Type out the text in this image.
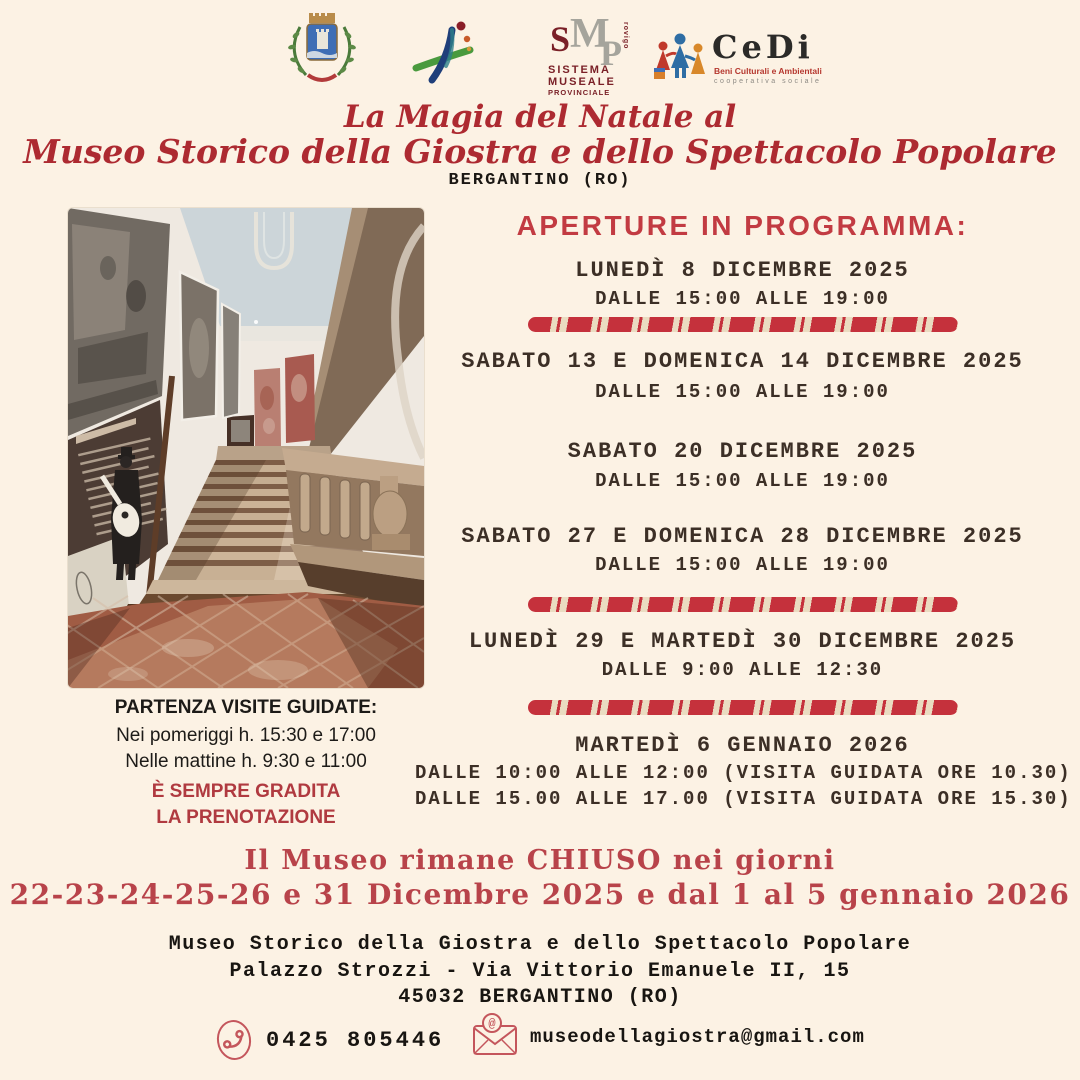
M
S P rovigo
SISTEMA
MUSEALE
PROVINCIALE
CeDi
Beni Culturali e Ambientali
cooperativa sociale
La Magia del Natale al
Museo Storico della Giostra e dello Spettacolo Popolare
BERGANTINO (RO)
PARTENZA VISITE GUIDATE:
Nei pomeriggi h. 15:30 e 17:00
Nelle mattine h. 9:30 e 11:00
È SEMPRE GRADITA
LA PRENOTAZIONE
APERTURE IN PROGRAMMA:
LUNEDÌ 8 DICEMBRE 2025
DALLE 15:00 ALLE 19:00
SABATO 13 E DOMENICA 14 DICEMBRE 2025
DALLE 15:00 ALLE 19:00
SABATO 20 DICEMBRE 2025
DALLE 15:00 ALLE 19:00
SABATO 27 E DOMENICA 28 DICEMBRE 2025
DALLE 15:00 ALLE 19:00
LUNEDÌ 29 E MARTEDÌ 30 DICEMBRE 2025
DALLE 9:00 ALLE 12:30
MARTEDÌ 6 GENNAIO 2026
DALLE 10:00 ALLE 12:00 (VISITA GUIDATA ORE 10.30)
DALLE 15.00 ALLE 17.00 (VISITA GUIDATA ORE 15.30)
Il Museo rimane CHIUSO nei giorni
22-23-24-25-26 e 31 Dicembre 2025 e dal 1 al 5 gennaio 2026
Museo Storico della Giostra e dello Spettacolo Popolare
Palazzo Strozzi - Via Vittorio Emanuele II, 15
45032 BERGANTINO (RO)
0425 805446
@
museodellagiostra@gmail.com
